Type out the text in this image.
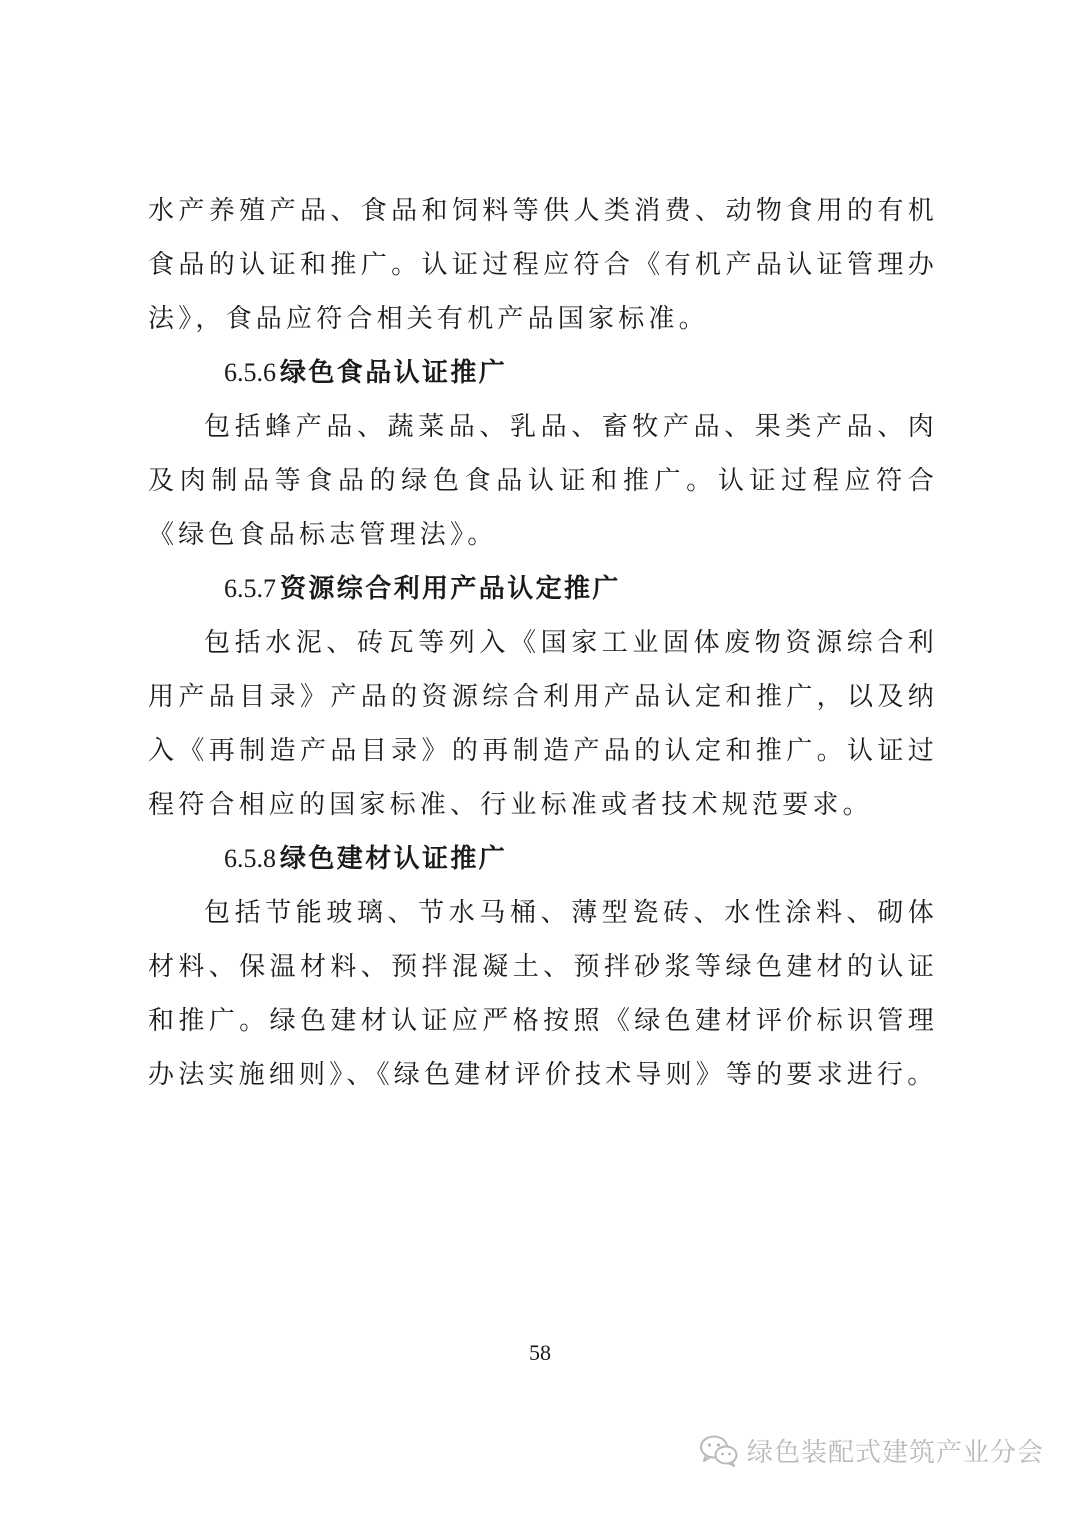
水产养殖产品、食品和饲料等供人类消费、动物食用的有机食品的认证和推广。认证过程应符合《有机产品认证管理办法》，食品应符合相关有机产品国家标准。

6.5.6 绿色食品认证推广

包括蜂产品、蔬菜品、乳品、畜牧产品、果类产品、肉及肉制品等食品的绿色食品认证和推广。认证过程应符合《绿色食品标志管理法》。

6.5.7 资源综合利用产品认定推广

包括水泥、砖瓦等列入《国家工业固体废物资源综合利用产品目录》产品的资源综合利用产品认定和推广，以及纳入《再制造产品目录》的再制造产品的认定和推广。认证过程符合相应的国家标准、行业标准或者技术规范要求。

6.5.8 绿色建材认证推广

包括节能玻璃、节水马桶、薄型瓷砖、水性涂料、砌体材料、保温材料、预拌混凝土、预拌砂浆等绿色建材的认证和推广。绿色建材认证应严格按照《绿色建材评价标识管理办法实施细则》、《绿色建材评价技术导则》等的要求进行。

58
绿色装配式建筑产业分会
